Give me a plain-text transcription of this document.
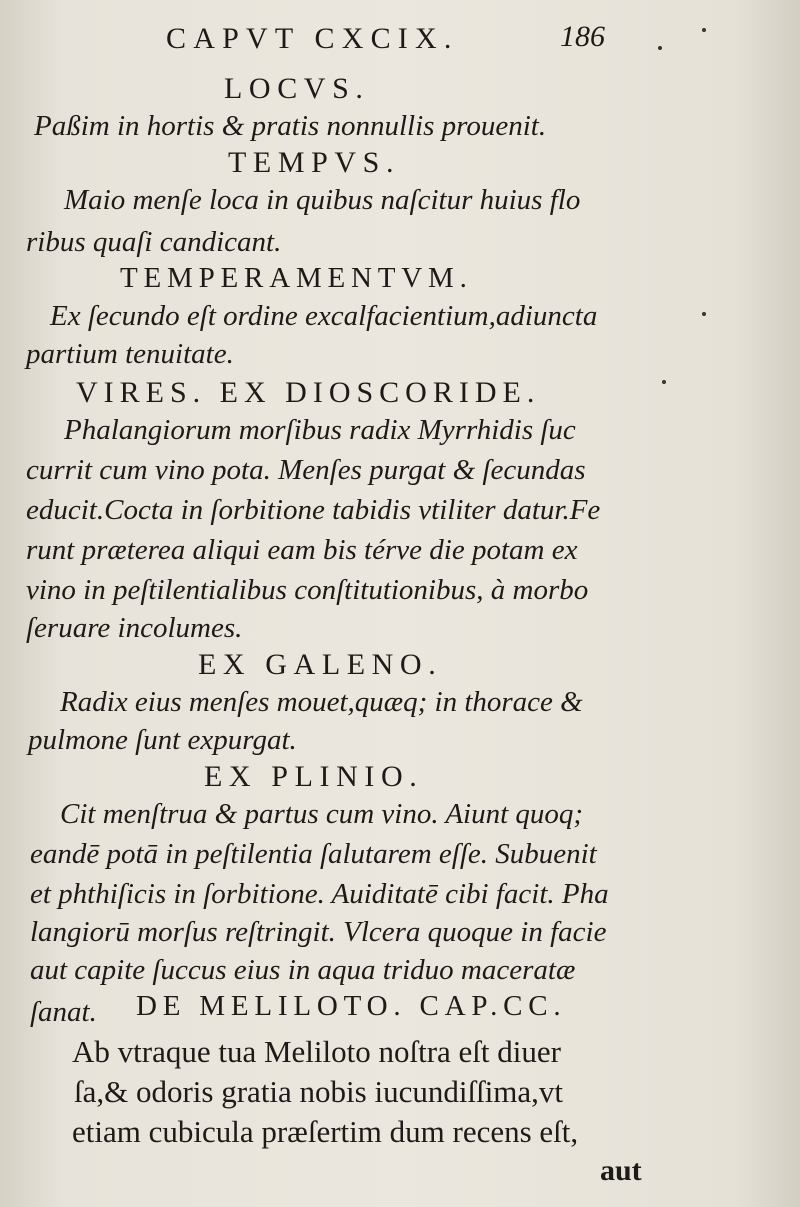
CAPVT CXCIX.	186
LOCVS.
Paßim in hortis & pratis nonnullis prouenit.
TEMPVS.
Maio menſe loca in quibus naſcitur huius flo
ribus quaſi candicant.
TEMPERAMENTVM.
Ex ſecundo eſt ordine excalfacientium,adiuncta
partium tenuitate.
VIRES. EX DIOSCORIDE.
Phalangiorum morſibus radix Myrrhidis ſuc
currit cum vino pota. Menſes purgat & ſecundas
educit.Cocta in ſorbitione tabidis vtiliter datur.Fe
runt præterea aliqui eam bis térve die potam ex
vino in peſtilentialibus conſtitutionibus, à morbo
ſeruare incolumes.
EX GALENO.
Radix eius menſes mouet,quæq; in thorace &
pulmone ſunt expurgat.
EX PLINIO.
Cit menſtrua & partus cum vino. Aiunt quoq;
eandē potā in peſtilentia ſalutarem eſſe. Subuenit
et phthiſicis in ſorbitione. Auiditatē cibi facit. Pha
langiorū morſus reſtringit. Vlcera quoque in facie
aut capite ſuccus eius in aqua triduo maceratæ
ſanat. DE MELILOTO. CAP.CC.
Ab vtraque tua Meliloto noſtra eſt diuer
ſa,& odoris gratia nobis iucundiſſima,vt
etiam cubicula præſertim dum recens eſt,
aut
